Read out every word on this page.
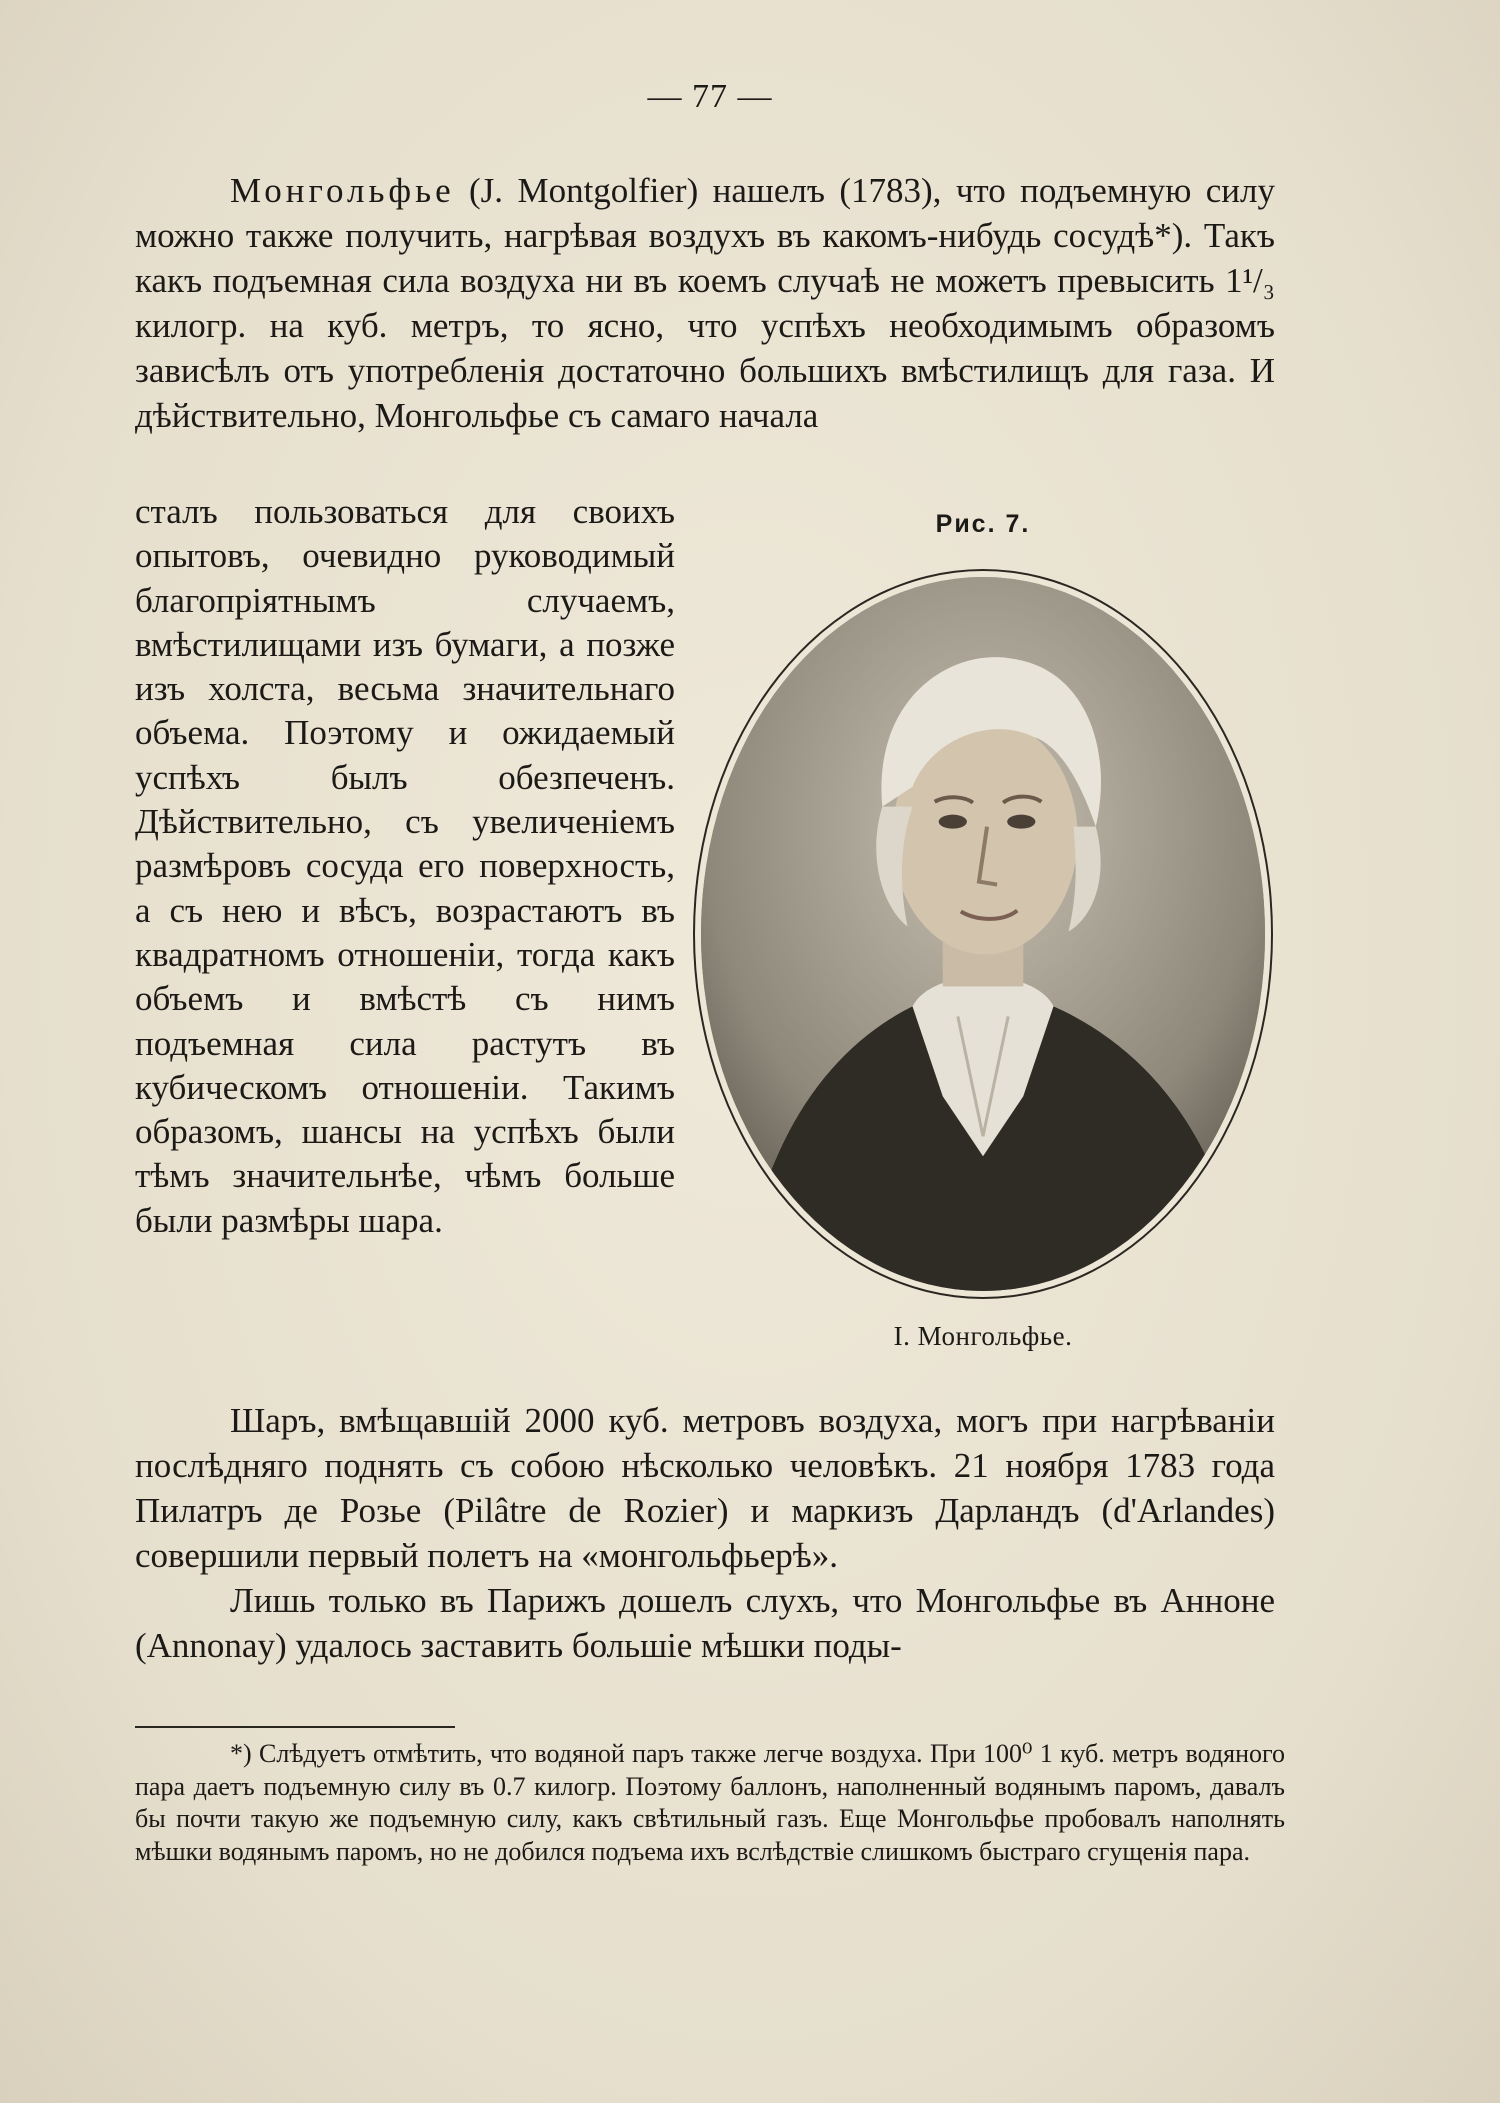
— 77 —

Монгольфье (J. Montgolfier) нашелъ (1783), что подъемную силу можно также получить, нагрѣвая воздухъ въ какомъ-нибудь сосудѣ*). Такъ какъ подъемная сила воздуха ни въ коемъ случаѣ не можетъ превысить 1¹/₃ килогр. на куб. метръ, то ясно, что успѣхъ необходимымъ образомъ зависѣлъ отъ употребленія достаточно большихъ вмѣстилищъ для газа. И дѣйствительно, Монгольфье съ самаго начала

сталъ пользоваться для своихъ опытовъ, очевидно руководимый благопріятнымъ случаемъ, вмѣстилищами изъ бумаги, а позже изъ холста, весьма значительнаго объема. Поэтому и ожидаемый успѣхъ былъ обезпеченъ. Дѣйствительно, съ увеличеніемъ размѣровъ сосуда его поверхность, а съ нею и вѣсъ, возрастаютъ въ квадратномъ отношеніи, тогда какъ объемъ и вмѣстѣ съ нимъ подъемная сила растутъ въ кубическомъ отношеніи. Такимъ образомъ, шансы на успѣхъ были тѣмъ значительнѣе, чѣмъ больше были размѣры шара.

Рис. 7.
I. Монгольфье.

Шаръ, вмѣщавшій 2000 куб. метровъ воздуха, могъ при нагрѣваніи послѣдняго поднять съ собою нѣсколько человѣкъ. 21 ноября 1783 года Пилатръ де Розье (Pilâtre de Rozier) и маркизъ Дарландъ (d'Arlandes) совершили первый полетъ на «монгольфьерѣ».

Лишь только въ Парижъ дошелъ слухъ, что Монгольфье въ Анноне (Annonay) удалось заставить большіе мѣшки поды-

*) Слѣдуетъ отмѣтить, что водяной паръ также легче воздуха. При 100⁰ 1 куб. метръ водяного пара даетъ подъемную силу въ 0.7 килогр. Поэтому баллонъ, наполненный водянымъ паромъ, давалъ бы почти такую же подъемную силу, какъ свѣтильный газъ. Еще Монгольфье пробовалъ наполнять мѣшки водянымъ паромъ, но не добился подъема ихъ вслѣдствіе слишкомъ быстраго сгущенія пара.
